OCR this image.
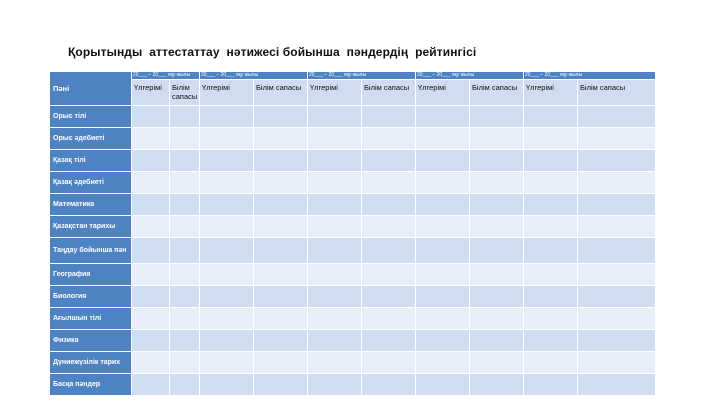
Қорытынды  аттестаттау  нәтижесі бойынша  пәндердің  рейтингісі
Пәні	20___ – 20___ оқу жылы		20___ – 20___ оқу жылы		20___ – 20___ оқу жылы		20___ – 20___ оқу жылы		20___ – 20___ оқу жылы	
	Үлгерімі	Білім сапасы	Үлгерімі	Білім сапасы	Үлгерімі	Білім сапасы	Үлгерімі	Білім сапасы	Үлгерімі	Білім сапасы
Орыс тілі										
Орыс әдебиеті										
Қазақ тілі										
Қазақ әдебиеті										
Математика										
Қазақстан тарихы										
Таңдау бойынша пән										
География										
Биология										
Ағылшын тілі										
Физика										
Дүниежүзілік тарих										
Басқа пәндер										
